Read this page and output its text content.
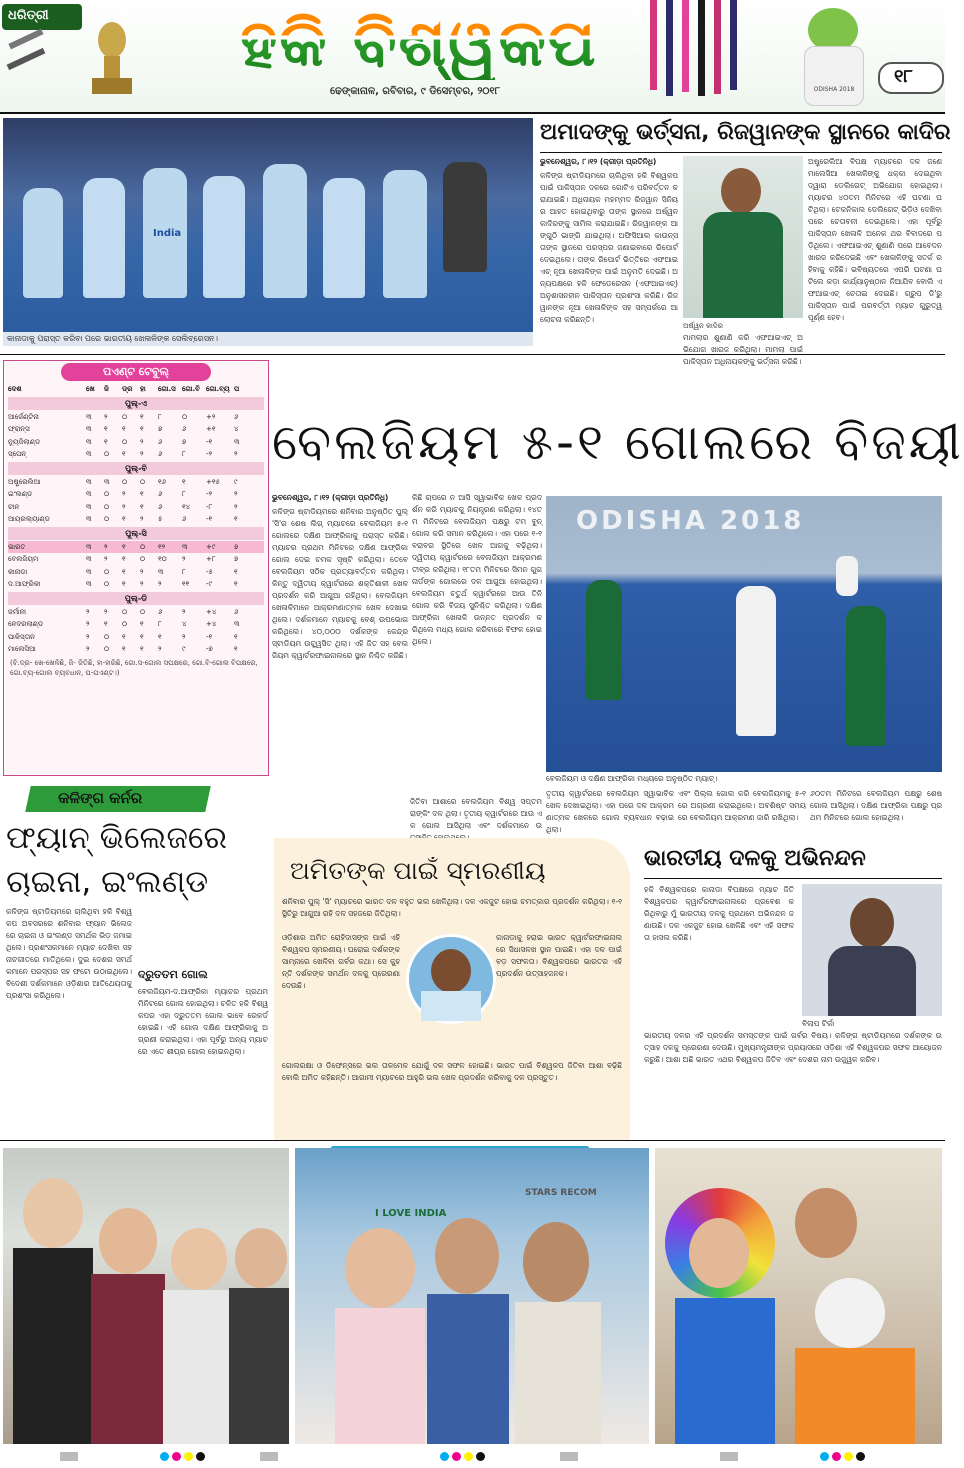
ଧରିତ୍ରୀ	ହକି ବିଶ୍ୱକପ
ଢେଙ୍କାନାଳ, ରବିବାର, ୯ ଡିସେମ୍ବର, ୨୦୧୮	ODISHA 2018
୧୮
India
କାନାଡାକୁ ପରାସ୍ତ କରିବା ପରେ ଭାରତୀୟ ଖେଳାଳିଙ୍କ ସେଲିବ୍ରେସନ।
ଅମାଦଙ୍କୁ ଭର୍ତ୍ସନା, ରିଜୱାନଙ୍କ ସ୍ଥାନରେ କାଦିର
ଭୁବନେଶ୍ୱର, ୮।୧୨ (କ୍ରୀଡ଼ା ପ୍ରତିନିଧି)
କଳିଙ୍ଗ ଷ୍ଟାଡିୟମରେ ଚାଲିଥିବା ହକି ବିଶ୍ୱକପ ପାଇଁ ପାକିସ୍ତାନ ଦଳରେ ଗୋଟିଏ ପରିବର୍ତ୍ତନ କରାଯାଇଛି। ଅଧିନାୟକ ମହମ୍ମଦ ରିଜୱାନ ସିନିୟର ଆହତ ହୋଇଥିବାରୁ ତାଙ୍କ ସ୍ଥାନରେ ଅର୍ଷ୍ୱନ କାଦିରଙ୍କୁ ସାମିଲ କରାଯାଇଛି। ରିଜୱାନଙ୍କ ଆଙ୍ଗୁଠି ଭାଙ୍ଗି ଯାଇଥିଲା। ଅଫିସିଆଲ କାଉନ୍ସ ତାଙ୍କ ସ୍ଥାନରେ ପରସ୍ପର ଜଣାଇବାରେ ରିପୋର୍ଟ ଦେଇଥିଲେ। ତାଙ୍କ ରିପୋର୍ଟ ଭିତ୍ତିରେ ଏଫଆଇଏଚ୍ ନୂଆ ଖେଳାଳିଙ୍କ ପାଇଁ ଅନୁମତି ଦେଇଛି। ଅନ୍ୟପକ୍ଷରେ ହକି ଫେଡେରେସନ (ଏଫଆଇଏଚ୍) ଅନୁଶାସନହୀନ ପାକିସ୍ତାନ ପ୍ରଶଂସା କରିଛି। ରିଜୱାନଙ୍କ ନୂଆ ଖେଳାଳିଙ୍କ ସହ ସମ୍ପର୍କରେ ଆଲୋଚନା କରିଛନ୍ତି।
ଅର୍ଷ୍ୱନ କାଦିର
ମାମଲାର ଶୁଣାଣି କରି ଏଫଆଇଏଚ୍ ଅଭିଯୋଗ ଖାରଜ କରିଥିଲା। ମାମଲା ପାଇଁ ପାକିସ୍ତାନ ଅଧିନାୟକଙ୍କୁ ଭର୍ତ୍ସନା କରିଛି।
ଅଷ୍ଟ୍ରେଲିଆ ବିପକ୍ଷ ମ୍ୟାଚରେ ଦଳ ଜଣେ ମାଲେସିଆ ଖେଳାଳିଙ୍କୁ ଧକ୍କା ଦେଇଥିବା ଦ୍ୱାରା ଡେଲିଗେଟ୍ ଅଭିଯୋଗ ହୋଇଥିଲା। ମ୍ୟାଚର ୪୦ତମ ମିନିଟରେ ଏହି ଘଟଣା ଘଟିଥିଲା। ଟେକନିକାଲ ଡେଲିଗେଟ୍ ଭିଡ଼ିଓ ଦେଖିବା ପରେ ଚେତାବନୀ ଦେଇଥିଲେ। ଏହା ପୂର୍ବରୁ ପାକିସ୍ତାନ ଖେଳାଳି ଅନେକ ଥର ବିବାଦରେ ପଡ଼ିଥିଲେ। ଏଫଆଇଏଚ୍ ଶୁଣାଣି ପରେ ଆବେଦନ ଖାରଜ କରିଦେଇଛି ଏବଂ ଖେଳାଳିଙ୍କୁ ସତର୍କ ରହିବାକୁ କହିଛି। ଭବିଷ୍ୟତରେ ଏପରି ଘଟଣା ଘଟିଲେ କଡ଼ା କାର୍ଯ୍ୟାନୁଷ୍ଠାନ ନିଆଯିବ ବୋଲି ଏଫଆଇଏଚ୍ ଚେତାଇ ଦେଇଛି। ଗ୍ରୁପ ଡି'ରୁ ପାକିସ୍ତାନ ପାଇଁ ପରବର୍ତ୍ତୀ ମ୍ୟାଚ ଗୁରୁତ୍ୱପୂର୍ଣ୍ଣ ହେବ।
ପଏଣ୍ଟ ଟେବୁଲ୍
ଦେଶ	ଖେ	ଜି	ଡ୍ର	ହା	ଗୋ.ସ ଗୋ.ବି ଗୋ.ବ୍ୟ ପ
ପୁଲ୍-ଏ
ଆର୍ଜେଣ୍ଟିନା	୩	୨	୦	୧	୮	୦	+୨	୬
ଫ୍ରାନ୍ସ	୩	୧	୧	୧	୭	୬	+୧	୪
ନ୍ୟୁଜିଲାଣ୍ଡ	୩	୧	୦	୨	୬	୭	-୧	୩
ସ୍ପେନ୍	୩	୦	୧	୨	୬	୮	-୨	୨
ପୁଲ୍-ବି
ଅଷ୍ଟ୍ରେଲିଆ	୩	୩	୦	୦	୧୬	୧	+୧୫	୯
ଇଂଲଣ୍ଡ	୩	୦	୨	୧	୬	୮	-୨	୨
ଚୀନ	୩	୦	୨	୧	୬	୧୪	-୮	୨
ଆୟରଲ୍ୟାଣ୍ଡ	୩	୦	୧	୨	୫	୬	-୧	୧
ପୁଲ୍-ସି
ଭାରତ	୩	୨	୧	୦	୧୨	୩	+୯	୭
ବେଲଜିୟମ	୩	୨	୧	୦	୧୦	୨	+୮	୭
କାନାଡା	୩	୦	୧	୨	୩	୮	-୫	୧
ଦ.ଆଫ୍ରିକା	୩	୦	୧	୨	୨	୧୧	-୯	୧
ପୁଲ୍-ଡି
ଜର୍ମାନୀ	୨	୨	୦	୦	୬	୨	+୪	୬
ନେଦରଲାଣ୍ଡ	୨	୧	୦	୧	୮	୪	+୪	୩
ପାକିସ୍ତାନ	୨	୦	୧	୧	୧	୨	-୧	୧
ମାଲେସିଆ	୨	୦	୧	୧	୨	୯	-୭	୧
(ବି.ଦ୍ର- ଖେ-ଖେଳିଛି, ଜି- ଜିତିଛି, ହା-ହାରିଛି, ଗୋ.ସ-ଗୋଲ ସପକ୍ଷରେ, ଗୋ.ବି-ଗୋଲ ବିପକ୍ଷରେ, ଗୋ.ବ୍ୟ-ଗୋଲ ବ୍ୟବଧାନ, ପ-ପଏଣ୍ଟ।)
ବେଲଜିୟମ ୫-୧ ଗୋଲରେ ବିଜୟୀ
ଭୁବନେଶ୍ୱର, ୮।୧୨ (କ୍ରୀଡ଼ା ପ୍ରତିନିଧି)
କଳିଙ୍ଗ ଷ୍ଟାଡିୟମରେ ଶନିବାର ଅନୁଷ୍ଠିତ ପୁଲ୍ 'ସି'ର ଶେଷ ଲିଗ୍ ମ୍ୟାଚରେ ବେଲଜିୟମ ୫-୧ ଗୋଲରେ ଦକ୍ଷିଣ ଆଫ୍ରିକାକୁ ପରାସ୍ତ କରିଛି। ମ୍ୟାଚର ପ୍ରଥମ ମିନିଟରେ ଦକ୍ଷିଣ ଆଫ୍ରିକା ଗୋଲ ଦେଇ ଚମକ ସୃଷ୍ଟି କରିଥିଲା। ତେବେ ବେଲଜିୟମ ସଠିକ ପ୍ରତ୍ୟାବର୍ତ୍ତନ କରିଥିଲା। କିନ୍ତୁ ଦ୍ୱିତୀୟ କ୍ୱାର୍ଟରରେ ଶକ୍ତିଶାଳୀ ଖେଳ ପ୍ରଦର୍ଶନ କରି ଆଗୁଆ ରହିଥିଲା। ବେଲଜିୟମ ଖେଳାଳିମାନେ ଆକ୍ରମଣାତ୍ମକ ଖେଳ ଦେଖାଇଥିଲେ। ଦର୍ଶକମାନେ ମ୍ୟାଚକୁ ବେଶ୍ ଉପଭୋଗ କରିଥିଲେ। ୪୦,୦୦୦ ଦର୍ଶକଙ୍କ କେନ୍ଦ୍ର ସ୍ଟାଡିୟମ ଉଚ୍ଛ୍ୱସିତ ଥିଲା। ଏହି ଜିତ ସହ ବେଲଜିୟମ କ୍ୱାର୍ଟରଫାଇନାଲରେ ସ୍ଥାନ ନିଶ୍ଚିତ କରିଛି।
କିଛି ଚାପରେ ନ ଆସି ସ୍ୱାଭାବିକ ଖେଳ ପ୍ରଦର୍ଶନ କରି ମ୍ୟାଚକୁ ନିୟନ୍ତ୍ରଣ କରିଥିଲା। ୧୪ତମ ମିନିଟରେ ବେଲଜିୟମ ପକ୍ଷରୁ ଟମ ବୁନ୍ ଗୋଲ କରି ସମାନ କରିଥିଲେ। ଏହା ପରେ ୧-୧ ବରାବର ସ୍ଥିତିରେ ଖେଳ ଆଗକୁ ବଢ଼ିଥିଲା। ଦ୍ୱିତୀୟ କ୍ୱାର୍ଟରରେ ବେଲଜିୟମ ଆକ୍ରମଣ ତୀବ୍ର କରିଥିଲା। ୧୮ତମ ମିନିଟରେ ସିମନ ଗୁଗନାର୍ଡଙ୍କ ଗୋଲରେ ଦଳ ଆଗୁଆ ହୋଇଥିଲା। ବେଲଜିୟମ ଚତୁର୍ଥ କ୍ୱାର୍ଟରରେ ଆଉ ତିନି ଗୋଲ କରି ବିଜୟ ସୁନିଶ୍ଚିତ କରିଥିଲା। ଦକ୍ଷିଣ ଆଫ୍ରିକା ଖେଳାଳି ଉନ୍ନତ ପ୍ରଦର୍ଶନ କରିଥିଲେ ମଧ୍ୟ ଗୋଲ କରିବାରେ ବିଫଳ ହୋଇଥିଲେ।
ODISHA 2018
ବେଲଜିୟମ ଓ ଦକ୍ଷିଣ ଆଫ୍ରିକା ମଧ୍ୟରେ ଅନୁଷ୍ଠିତ ମ୍ୟାଚ୍।
ଜିତିବା ଆଶାରେ ବେଲଜିୟମ ବିଶ୍ୱ ସପ୍ତମ ରାଙ୍କିଂ ଦଳ ଥିଲା। ତୃତୀୟ କ୍ୱାର୍ଟରରେ ଆଉ ଏକ ଗୋଲ ଆସିଥିଲା ଏବଂ ଦର୍ଶକମାନେ ଉ
ତୃତୀୟ କ୍ୱାର୍ଟରରେ ବେଲଜିୟମ ସ୍ୱାଭାବିକ ଖେଳ ଦେଖାଇଥିଲା। ଏହା ପରେ ଦଳ ଆକ୍ରମଣାତ୍ମକ ଖେଳରେ ଗୋଲ ବ୍ୟବଧାନ ବଢ଼ାଇଥିଲା।
ଏବଂ ପିଲ୍ଲ ଗୋଲ କରି ବେଲଜିୟମକୁ ୫-୧ରେ ଅଗ୍ରଣୀ କରାଇଥିଲେ। ଅବଶିଷ୍ଟ ସମୟରେ ବେଲଜିୟମ ଆକ୍ରମଣ ଜାରି ରଖିଥିଲା।
୬୦ତମ ମିନିଟରେ ବେଲଜିୟମ ପକ୍ଷରୁ ଶେଷ ଗୋଲ ଆସିଥିଲା। ଦକ୍ଷିଣ ଆଫ୍ରିକା ପକ୍ଷରୁ ପ୍ରଥମ ମିନିଟରେ ଗୋଲ ହୋଇଥିଲା।
କଳିଙ୍ଗ କର୍ନର
ଫ୍ୟାନ୍ ଭିଲେଜରେ ଚାଇନା, ଇଂଲଣ୍ଡ
କଳିଙ୍ଗ ଷ୍ଟାଡିୟମରେ ଚାଲିଥିବା ହକି ବିଶ୍ୱକପ ଅବସରରେ ଶନିବାର ଫ୍ୟାନ ଭିଲେଜରେ ଚାଇନା ଓ ଇଂଲଣ୍ଡ ସମର୍ଥକ ଭିଡ଼ ଜମାଇଥିଲେ। ପ୍ରଶଂସକମାନେ ମ୍ୟାଚ ଦେଖିବା ସହ ନାଚଗୀତରେ ମାତିଥିଲେ। ଦୁଇ ଦେଶର ସମର୍ଥକମାନେ ପରସ୍ପର ସହ ଫଟୋ ଉଠାଇଥିଲେ। ବିଦେଶୀ ଦର୍ଶକମାନେ ଓଡ଼ିଶାର ଆତିଥେୟତାକୁ ପ୍ରଶଂସା କରିଥିଲେ।
ଦ୍ରୁତତମ ଗୋଲ
ବେଲଜିୟମ-ଦ.ଆଫ୍ରିକା ମ୍ୟାଚର ପ୍ରଥମ ମିନିଟରେ ଗୋଲ ହୋଇଥିଲା। ଚଳିତ ହକି ବିଶ୍ୱକପର ଏହା ଦ୍ରୁତତମ ଗୋଲ ଭାବେ ରେକର୍ଡ ହୋଇଛି। ଏହି ଗୋଲ ଦକ୍ଷିଣ ଆଫ୍ରିକାକୁ ଅଗ୍ରଣୀ କରାଇଥିଲା। ଏହା ପୂର୍ବରୁ ଅନ୍ୟ ମ୍ୟାଚରେ ଏତେ ଶୀଘ୍ର ଗୋଲ ହୋଇନଥିଲା।
ଅମିତଙ୍କ ପାଇଁ ସ୍ମରଣୀୟ
ଶନିବାର ପୁଲ୍ 'ସି' ମ୍ୟାଚରେ ଭାରତ ଦଳ ବହୁତ ଭଲ ଖେଳିଥିଲା। ଦଳ ଏକଜୁଟ ହୋଇ ଚମତ୍କାର ପ୍ରଦର୍ଶନ କରିଥିଲା। ୧-୧ ସ୍ଥିତିରୁ ଆଗୁଆ ରହି ଦଳ ସହଜରେ ଜିତିଥିଲା।
ଓଡ଼ିଶାର ଅମିତ ରୋହିଦାସଙ୍କ ପାଇଁ ଏହି ବିଶ୍ୱକପ ସ୍ମରଣୀୟ। ଘରୋଇ ଦର୍ଶକଙ୍କ ସାମ୍ନାରେ ଖେଳିବା ଗର୍ବର କଥା। ସେ କୁହନ୍ତି ଦର୍ଶକଙ୍କ ସମର୍ଥନ ଦଳକୁ ପ୍ରେରଣା ଦେଉଛି।
କାନାଡାକୁ ହରାଇ ଭାରତ କ୍ୱାର୍ଟରଫାଇନାଲରେ ସିଧାସଳଖ ସ୍ଥାନ ପାଇଛି। ଏହା ଦଳ ପାଇଁ ବଡ଼ ସଫଳତା। ବିଶ୍ୱକପରେ ଭାରତର ଏହି ପ୍ରଦର୍ଶନ ଉତ୍ସାହଜନକ।
ଗୋଲରକ୍ଷା ଓ ଡିଫେନ୍ସରେ ଭଲ ତାଳମେଳ ଯୋଗୁଁ ଦଳ ସଫଳ ହୋଇଛି। ଭାରତ ପାଇଁ ବିଶ୍ୱକପ ଜିତିବା ଆଶା ବଢ଼ିଛି ବୋଲି ଅମିତ କହିଛନ୍ତି। ଆଗାମୀ ମ୍ୟାଚରେ ଆହୁରି ଭଲ ଖେଳ ପ୍ରଦର୍ଶନ କରିବାକୁ ଦଳ ପ୍ରସ୍ତୁତ।
ଭାରତୀୟ ଦଳକୁ ଅଭିନନ୍ଦନ
ହକି ବିଶ୍ୱକପରେ କାନାଡା ବିପକ୍ଷରେ ମ୍ୟାଚ ଜିତି ବିଶ୍ୱକପର କ୍ୱାର୍ଟରଫାଇନାଲରେ ପ୍ରବେଶ କରିଥିବାରୁ ମୁଁ ଭାରତୀୟ ଦଳକୁ ପ୍ରଥମେ ଅଭିନନ୍ଦନ ଜଣାଉଛି। ଦଳ ଏକଜୁଟ ହୋଇ ଖେଳିଛି ଏବଂ ଏହି ସଫଳତା ହାସଲ କରିଛି।
ବିଲାପ ଟିର୍କା
ଭାରତୀୟ ଦଳର ଏହି ପ୍ରଦର୍ଶନ ସମସ୍ତଙ୍କ ପାଇଁ ଗର୍ବର ବିଷୟ। କଳିଙ୍ଗ ଷ୍ଟାଡିୟମରେ ଦର୍ଶକଙ୍କ ଉତ୍ସାହ ଦଳକୁ ପ୍ରେରଣା ଦେଉଛି। ମୁଖ୍ୟମନ୍ତ୍ରୀଙ୍କ ପ୍ରୟାସରେ ଓଡ଼ିଶା ଏହି ବିଶ୍ୱକପର ସଫଳ ଆୟୋଜନ କରୁଛି। ଆଶା ଅଛି ଭାରତ ଏଥର ବିଶ୍ୱକପ ଜିତିବ ଏବଂ ଦେଶର ନାମ ଉଜ୍ଜ୍ୱଳ କରିବ।
I LOVE INDIA
STARS RECOM
